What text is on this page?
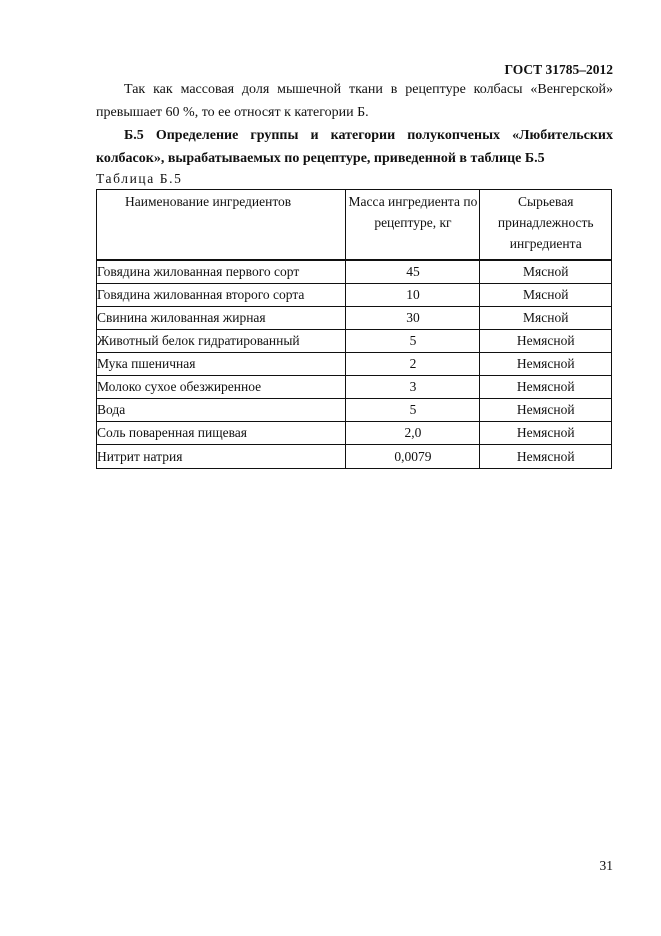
ГОСТ 31785–2012

Так как массовая доля мышечной ткани в рецептуре колбасы «Венгерской» превышает 60 %, то ее относят к категории Б.

Б.5 Определение группы и категории полукопченых «Любительских колбасок», вырабатываемых по рецептуре, приведенной в таблице Б.5

Таблица Б.5
Наименование ингредиентов	Масса ингредиента по рецептуре, кг	Сырьевая принадлежность ингредиента
Говядина жилованная первого сорт	45	Мясной
Говядина жилованная второго сорта	10	Мясной
Свинина жилованная жирная	30	Мясной
Животный белок гидратированный	5	Немясной
Мука пшеничная	2	Немясной
Молоко сухое обезжиренное	3	Немясной
Вода	5	Немясной
Соль поваренная пищевая	2,0	Немясной
Нитрит натрия	0,0079	Немясной
31
